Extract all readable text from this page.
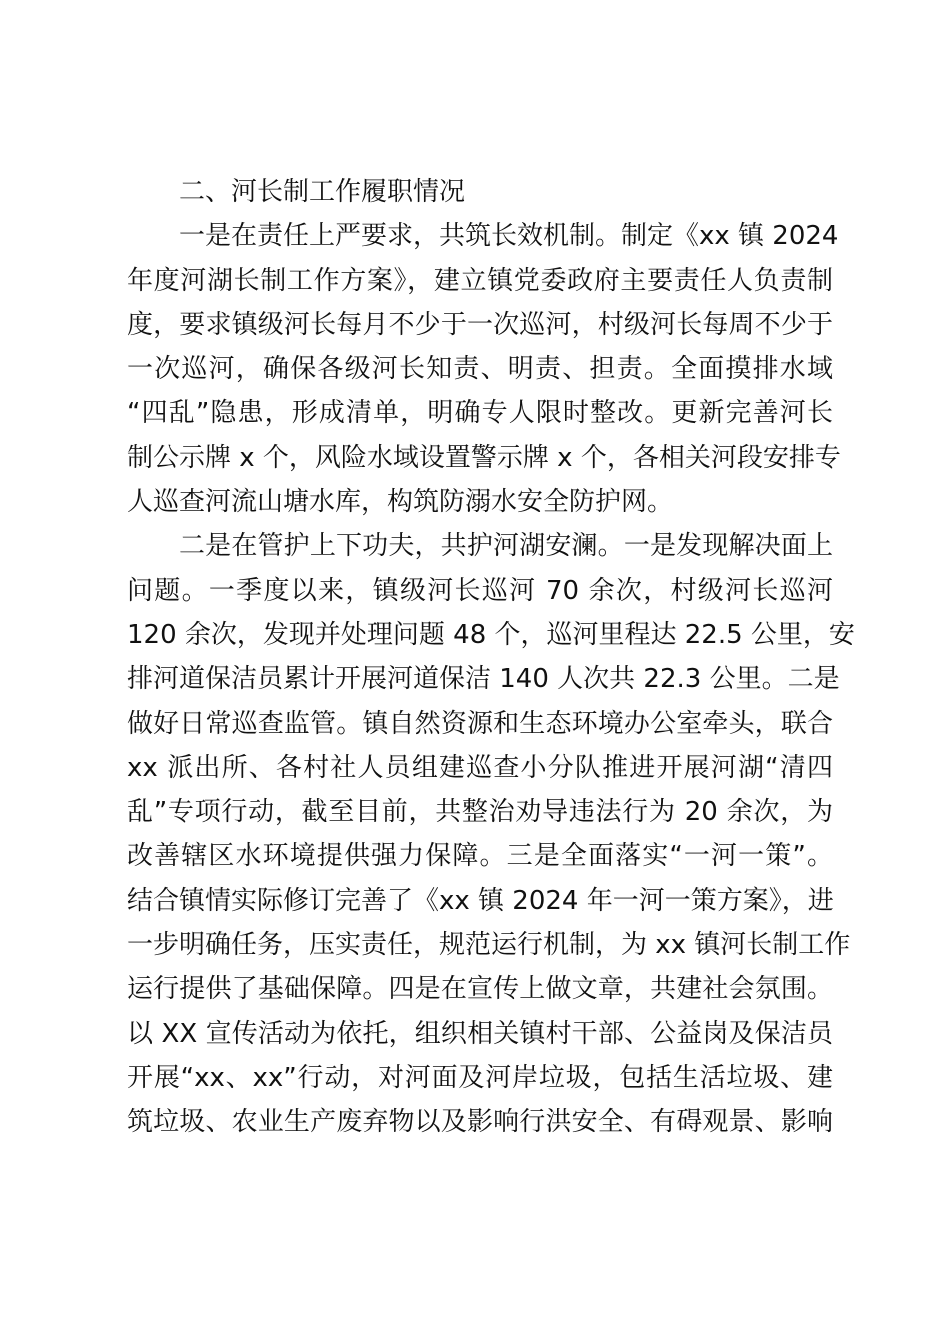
二、河长制工作履职情况

一是在责任上严要求，共筑长效机制。制定《xx 镇 2024
年度河湖长制工作方案》，建立镇党委政府主要责任人负责制
度，要求镇级河长每月不少于一次巡河，村级河长每周不少于
一次巡河，确保各级河长知责、明责、担责。全面摸排水域
“四乱”隐患，形成清单，明确专人限时整改。更新完善河长
制公示牌 x 个，风险水域设置警示牌 x 个，各相关河段安排专
人巡查河流山塘水库，构筑防溺水安全防护网。

二是在管护上下功夫，共护河湖安澜。一是发现解决面上
问题。一季度以来，镇级河长巡河 70 余次，村级河长巡河
120 余次，发现并处理问题 48 个，巡河里程达 22.5 公里，安
排河道保洁员累计开展河道保洁 140 人次共 22.3 公里。二是
做好日常巡查监管。镇自然资源和生态环境办公室牵头，联合
xx 派出所、各村社人员组建巡查小分队推进开展河湖“清四
乱”专项行动，截至目前，共整治劝导违法行为 20 余次，为
改善辖区水环境提供强力保障。三是全面落实“一河一策”。
结合镇情实际修订完善了《xx 镇 2024 年一河一策方案》，进
一步明确任务，压实责任，规范运行机制，为 xx 镇河长制工作
运行提供了基础保障。四是在宣传上做文章，共建社会氛围。
以 XX 宣传活动为依托，组织相关镇村干部、公益岗及保洁员
开展“xx、xx”行动，对河面及河岸垃圾，包括生活垃圾、建
筑垃圾、农业生产废弃物以及影响行洪安全、有碍观景、影响
